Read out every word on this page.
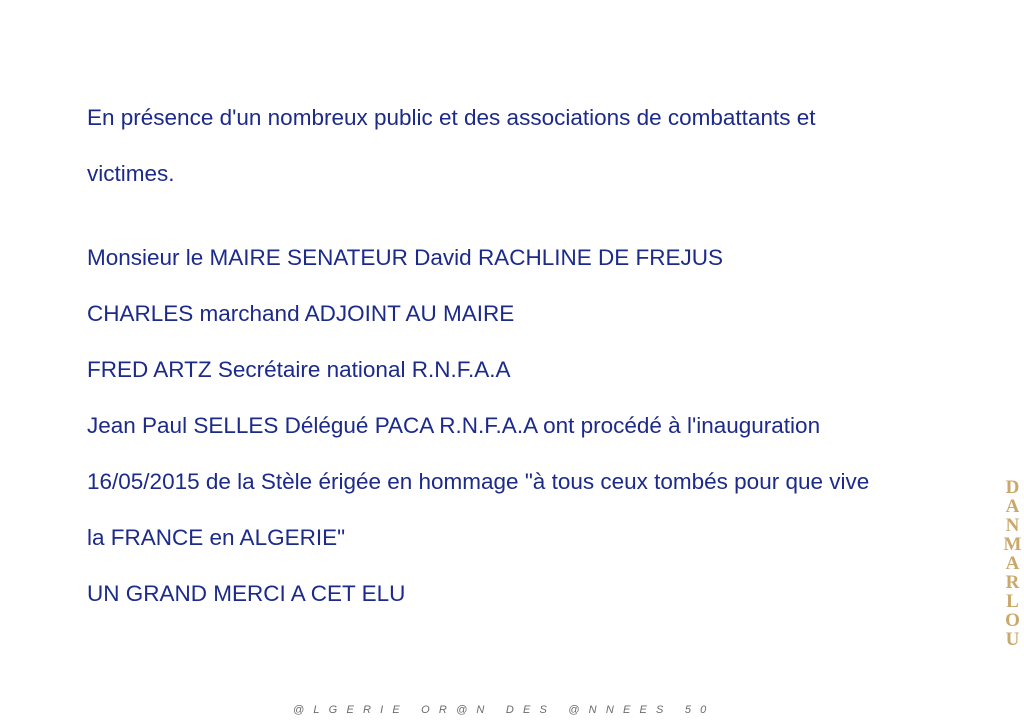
En présence d'un nombreux public et des associations de combattants et
victimes.
Monsieur le MAIRE SENATEUR David RACHLINE DE FREJUS
CHARLES marchand ADJOINT AU MAIRE
FRED ARTZ Secrétaire national R.N.F.A.A
Jean Paul SELLES Délégué PACA R.N.F.A.A ont procédé à l'inauguration
16/05/2015 de la Stèle érigée en hommage "à tous ceux tombés pour que vive
la FRANCE en ALGERIE"
UN GRAND MERCI A CET ELU	DANMARLOU
@LGERIE OR@N DES @NNEES 50
